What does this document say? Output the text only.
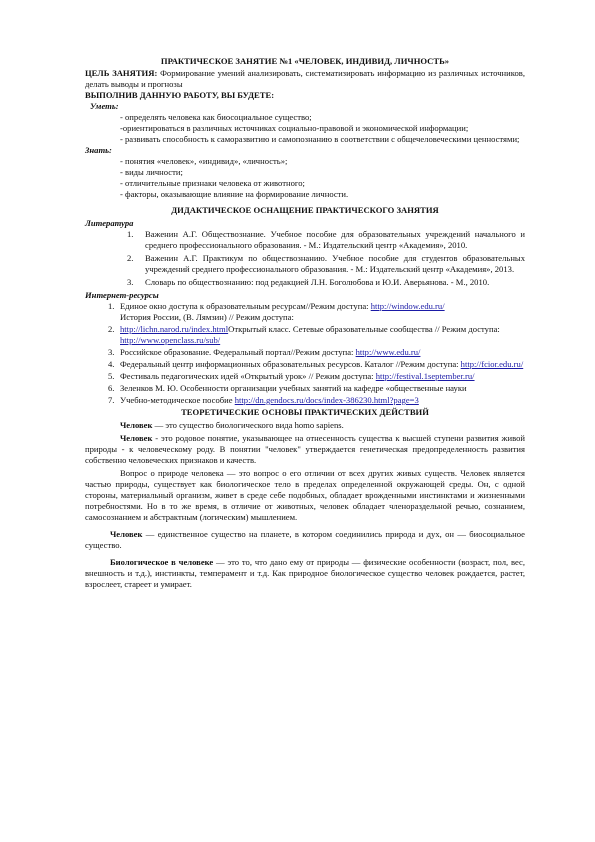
ПРАКТИЧЕСКОЕ ЗАНЯТИЕ №1 «ЧЕЛОВЕК, ИНДИВИД, ЛИЧНОСТЬ»

ЦЕЛЬ ЗАНЯТИЯ: Формирование умений анализировать, систематизировать информацию из различных источников, делать выводы и прогнозы

ВЫПОЛНИВ ДАННУЮ РАБОТУ, ВЫ БУДЕТЕ:

Уметь:

- определять человека как биосоциальное существо;

-ориентироваться в различных источниках социально-правовой и экономической информации;

- развивать способность к саморазвитию и самопознанию в соответствии с общечеловеческими ценностями;

Знать:

- понятия «человек», «индивид», «личность»;

- виды личности;

- отличительные признаки человека от животного;

- факторы, оказывающие влияние на формирование личности.

ДИДАКТИЧЕСКОЕ ОСНАЩЕНИЕ ПРАКТИЧЕСКОГО ЗАНЯТИЯ

Литература

1. Важенин А.Г. Обществознание. Учебное пособие для образовательных учреждений начального и среднего профессионального образования. - М.: Издательский центр «Академия», 2010.
2. Важенин А.Г. Практикум по обществознанию. Учебное пособие для студентов образовательных учреждений среднего профессионального образования. - М.: Издательский центр «Академия», 2013.
3. Словарь по обществознанию: под редакцией Л.Н. Боголюбова и Ю.И. Аверьянова. - М., 2010.

Интернет-ресурсы

1. Единое окно доступа к образовательным ресурсам//Режим доступа: http://window.edu.ru/
История России, (В. Лямзин) // Режим доступа:
2. http://lichn.narod.ru/index.htmlОткрытый класс. Сетевые образовательные сообщества // Режим доступа: http://www.openclass.ru/sub/
3. Российское образование. Федеральный портал//Режим доступа: http://www.edu.ru/
4. Федеральный центр информационных образовательных ресурсов. Каталог //Режим доступа: http://fcior.edu.ru/
5. Фестиваль педагогических идей «Открытый урок» // Режим доступа: http://festival.1september.ru/
6. Зеленков М. Ю. Особенности организации учебных занятий на кафедре «общественные науки
7. Учебно-методическое пособие http://dn.gendocs.ru/docs/index-386230.html?page=3

ТЕОРЕТИЧЕСКИЕ ОСНОВЫ ПРАКТИЧЕСКИХ ДЕЙСТВИЙ

Человек — это существо биологического вида homo sapiens.

Человек - это родовое понятие, указывающее на отнесенность существа к высшей ступени развития живой природы - к человеческому роду. В понятии "человек" утверждается генетическая предопределенность развития собственно человеческих признаков и качеств.

Вопрос о природе человека — это вопрос о его отличии от всех других живых существ. Человек является частью природы, существует как биологическое тело в пределах определенной окружающей среды. Он, с одной стороны, материальный организм, живет в среде себе подобных, обладает врожденными инстинктами и жизненными потребностями. Но в то же время, в отличие от животных, человек обладает членораздельной речью, сознанием, самосознанием и абстрактным (логическим) мышлением.

Человек — единственное существо на планете, в котором соединились природа и дух, он — биосоциальное существо.

Биологическое в человеке — это то, что дано ему от природы — физические особенности (возраст, пол, вес, внешность и т.д.), инстинкты, темперамент и т.д. Как природное биологическое существо человек рождается, растет, взрослеет, стареет и умирает.
